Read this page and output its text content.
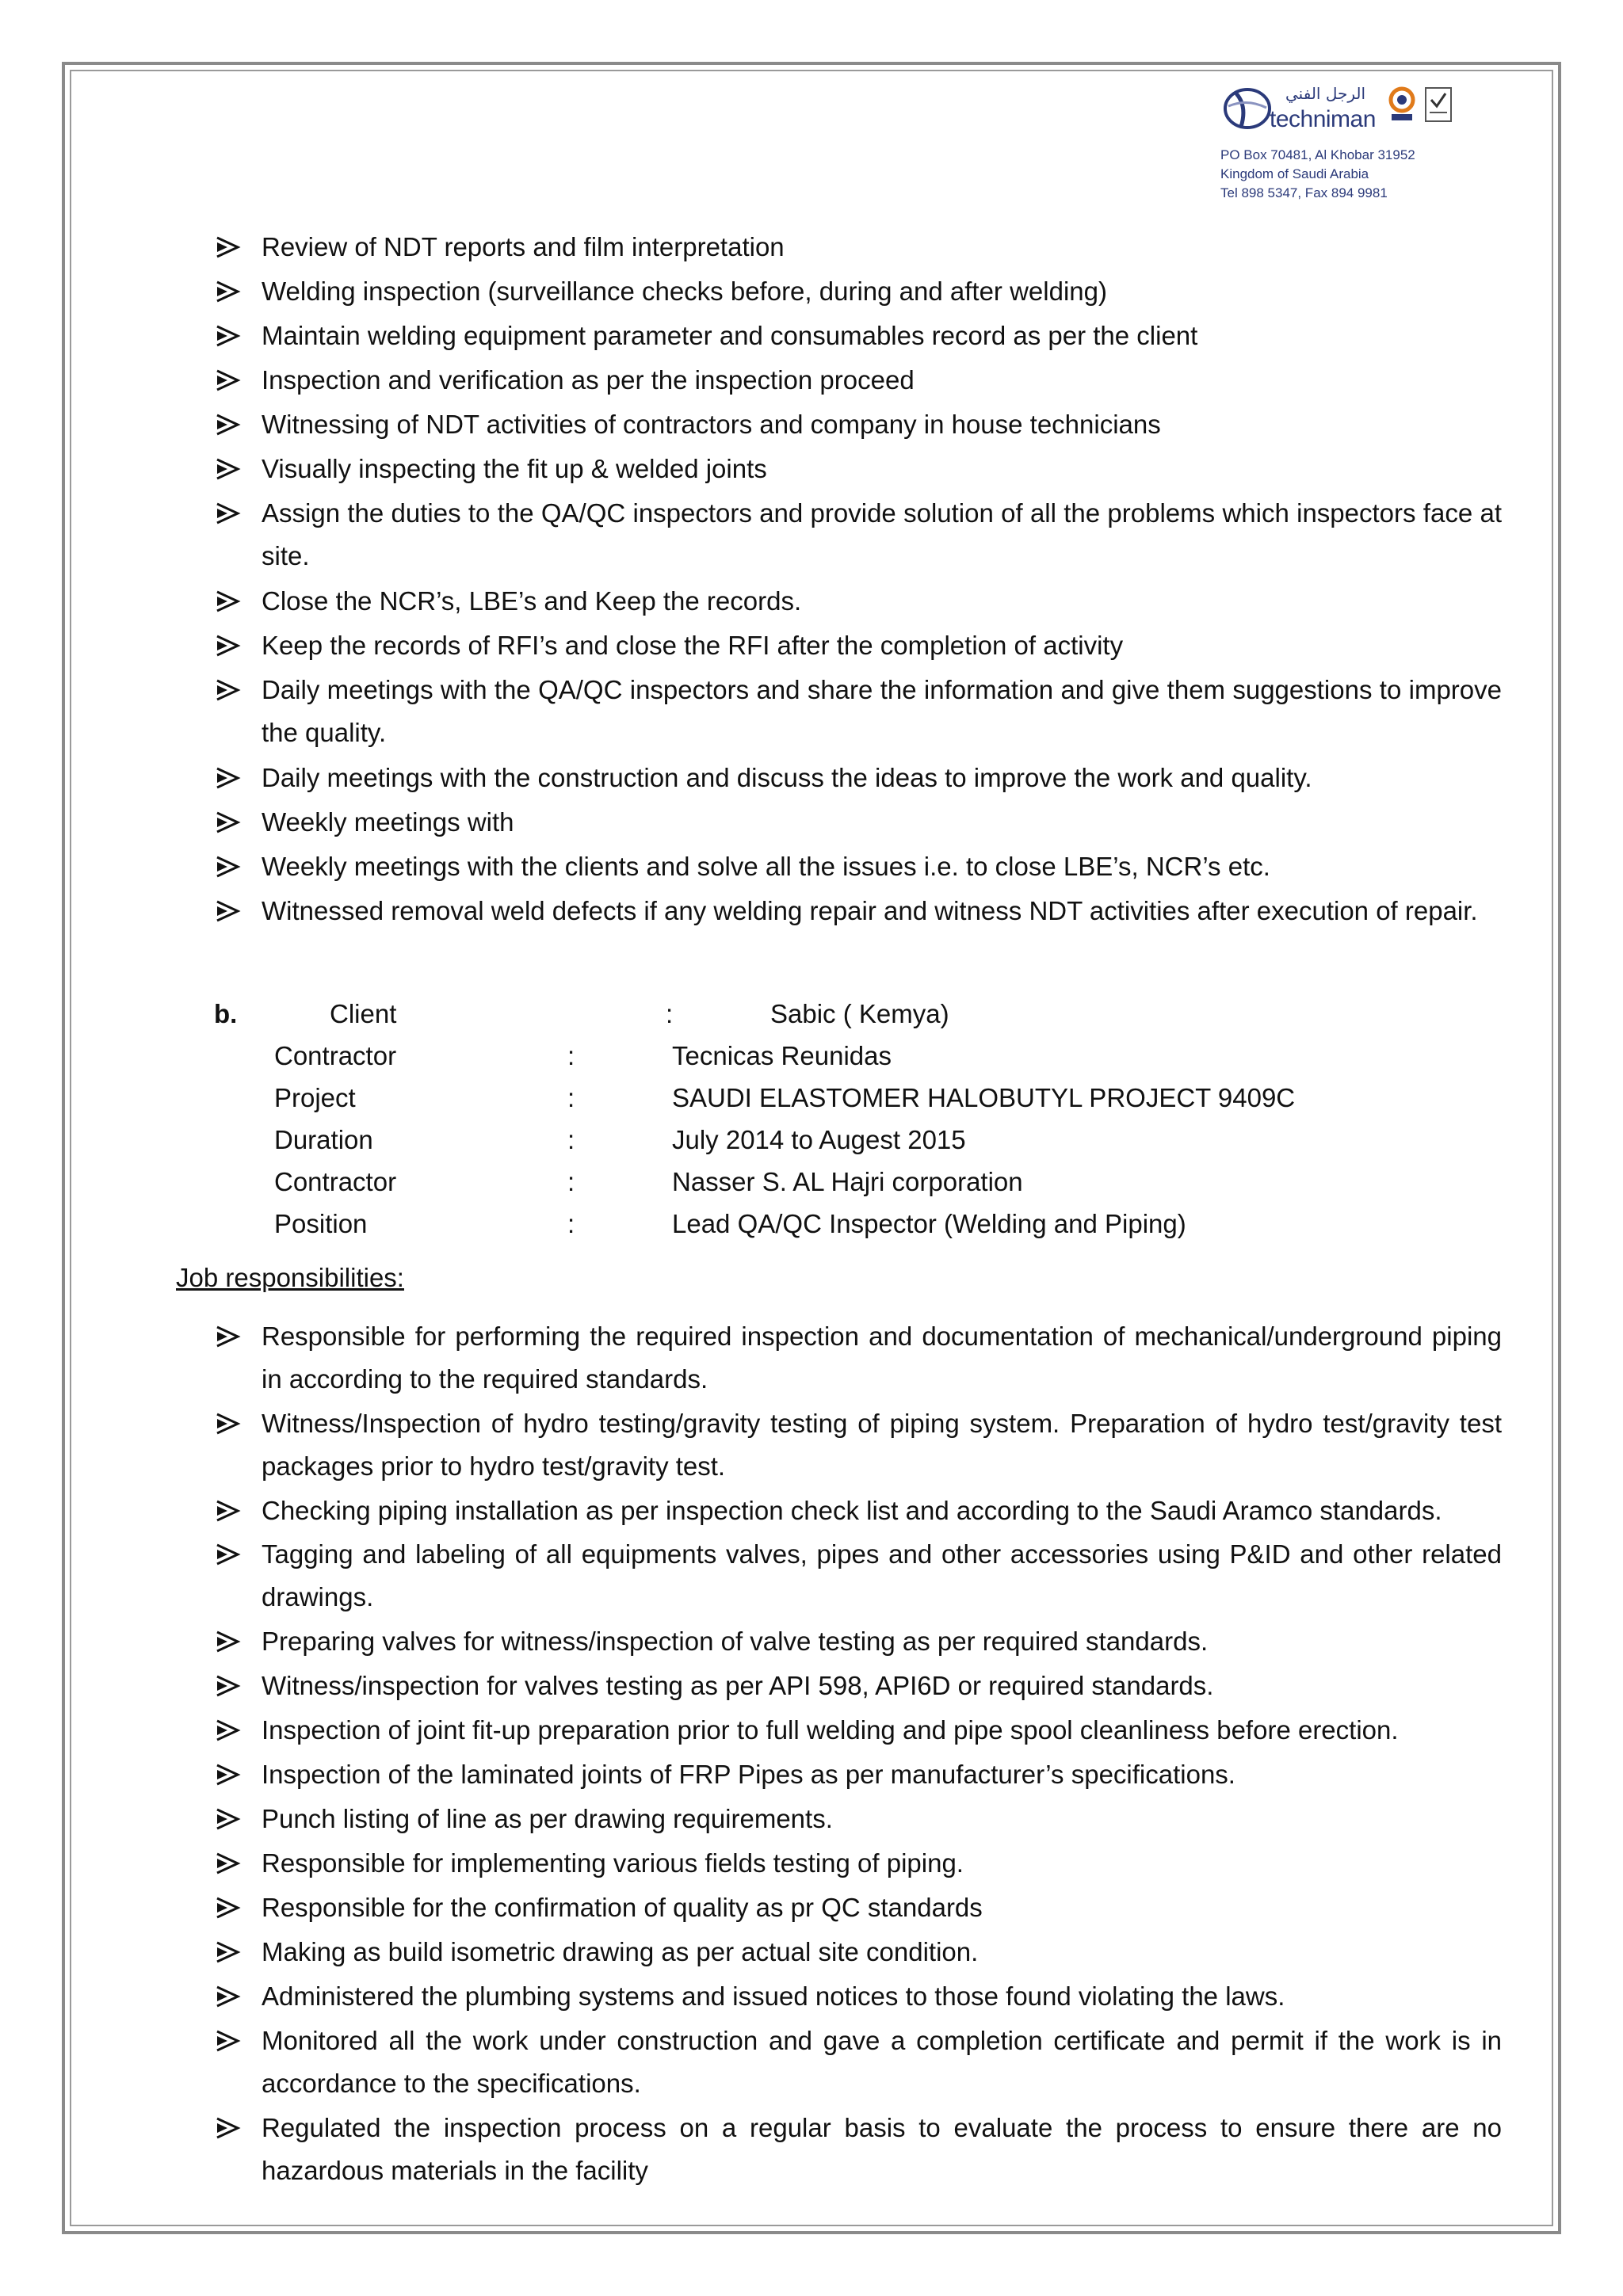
الرجل الفني
techniman
PO Box 70481, Al Khobar 31952
Kingdom of Saudi Arabia
Tel 898 5347, Fax 894 9981
Review of NDT reports and film interpretation
Welding inspection (surveillance checks before, during and after welding)
Maintain welding equipment parameter and consumables record as per the client
Inspection and verification as per the inspection proceed
Witnessing of NDT activities of contractors and company in house technicians
Visually inspecting the fit up & welded joints
Assign the duties to the QA/QC inspectors and provide solution of all the problems which inspectors face at site.
Close the NCR’s, LBE’s and Keep the records.
Keep the records of RFI’s and close the RFI after the completion of activity
Daily meetings with the QA/QC inspectors and share the information and give them suggestions to improve the quality.
Daily meetings with the construction and discuss the ideas to improve the work and quality.
Weekly meetings with
Weekly meetings with the clients and solve all the issues i.e. to close LBE’s, NCR’s etc.
Witnessed removal weld defects if any welding repair and witness NDT activities after execution of repair.
b.	Client	:	Sabic ( Kemya)
Contractor	:	Tecnicas Reunidas
Project	:	SAUDI ELASTOMER HALOBUTYL PROJECT 9409C
Duration	:	July 2014 to Augest 2015
Contractor	:	Nasser S. AL Hajri corporation
Position	:	Lead QA/QC Inspector (Welding and Piping)
Job responsibilities:
Responsible for performing the required inspection and documentation of mechanical/underground piping in according to the required standards.
Witness/Inspection of hydro testing/gravity testing of piping system. Preparation of hydro test/gravity test packages prior to hydro test/gravity test.
Checking piping installation as per inspection check list and according to the Saudi Aramco standards.
Tagging and labeling of all equipments valves, pipes and other accessories using P&ID and other related drawings.
Preparing valves for witness/inspection of valve testing as per required standards.
Witness/inspection for valves testing as per API 598, API6D or required standards.
Inspection of joint fit-up preparation prior to full welding and pipe spool cleanliness before erection.
Inspection of the laminated joints of FRP Pipes as per manufacturer’s specifications.
Punch listing of line as per drawing requirements.
Responsible for implementing various fields testing of piping.
Responsible for the confirmation of quality as pr QC standards
Making as build isometric drawing as per actual site condition.
Administered the plumbing systems and issued notices to those found violating the laws.
Monitored all the work under construction and gave a completion certificate and permit if the work is in accordance to the specifications.
Regulated the inspection process on a regular basis to evaluate the process to ensure there are no hazardous materials in the facility
